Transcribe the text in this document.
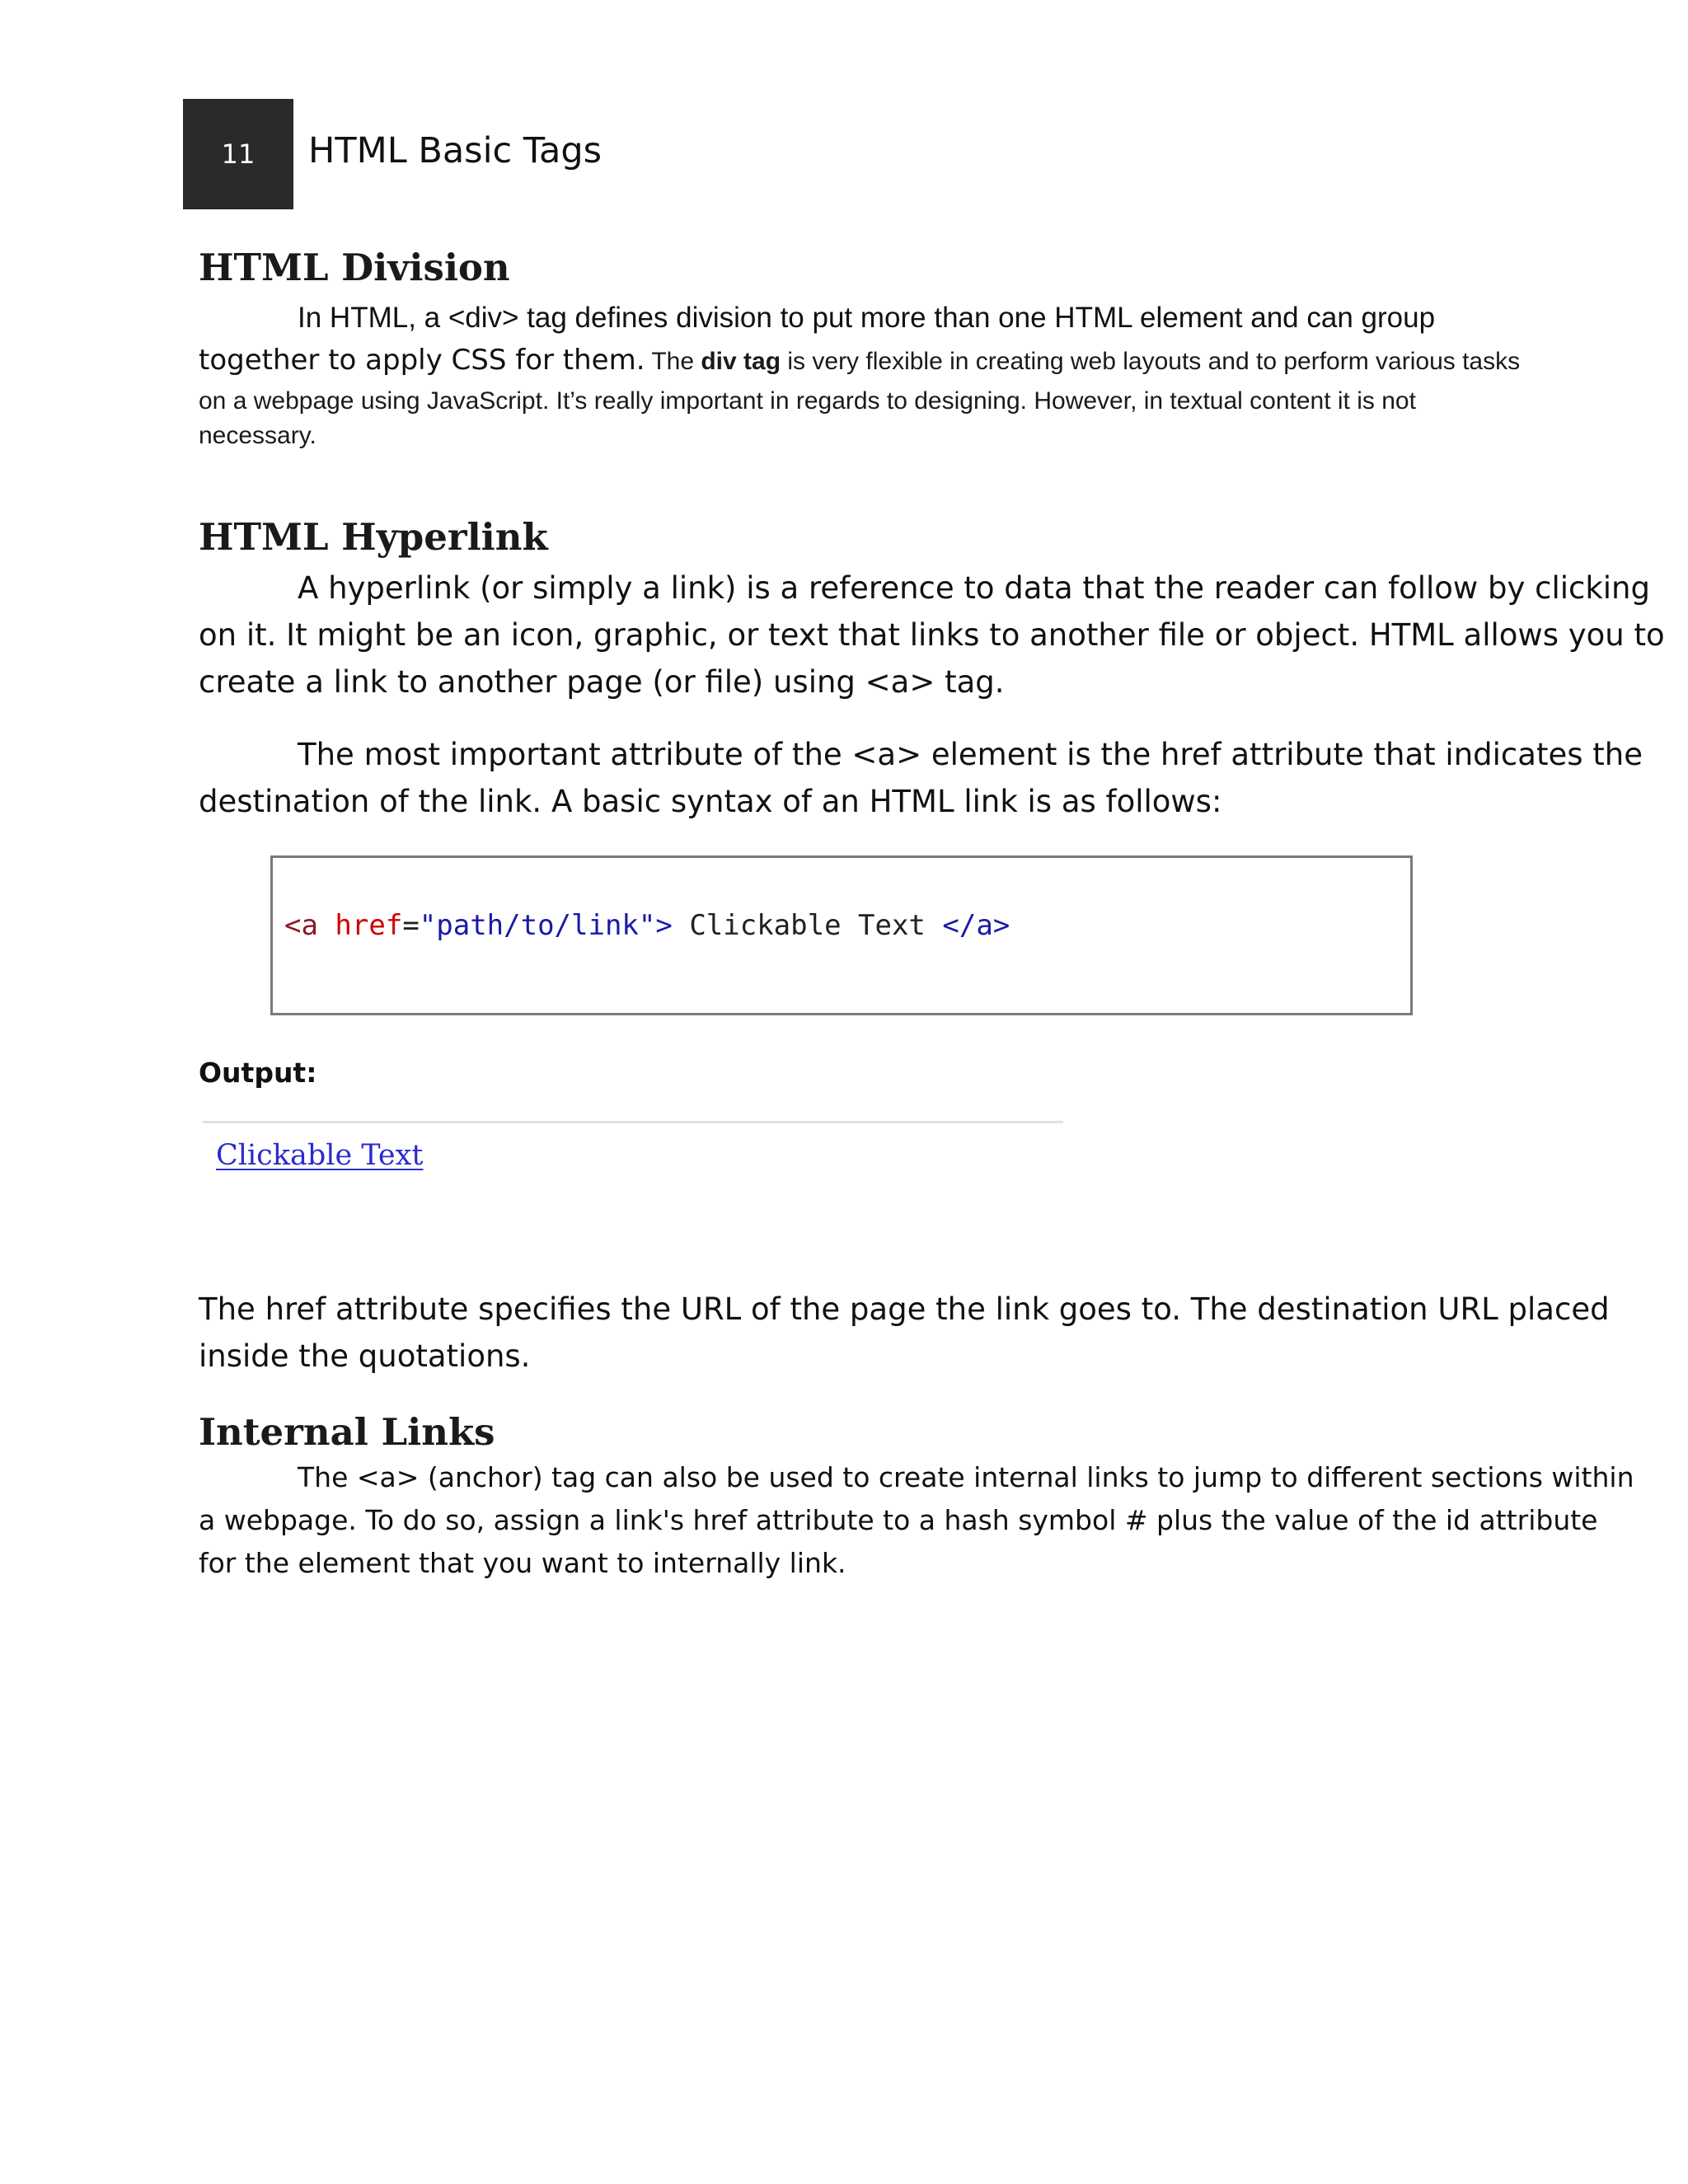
11 HTML Basic Tags
HTML Division
In HTML, a <div> tag defines division to put more than one HTML element and can group
together to apply CSS for them. The div tag is very flexible in creating web layouts and to perform various tasks
on a webpage using JavaScript. It’s really important in regards to designing. However, in textual content it is not
necessary.
HTML Hyperlink
A hyperlink (or simply a link) is a reference to data that the reader can follow by clicking
on it. It might be an icon, graphic, or text that links to another file or object. HTML allows you to
create a link to another page (or file) using <a> tag.
The most important attribute of the <a> element is the href attribute that indicates the
destination of the link. A basic syntax of an HTML link is as follows:
<a href="path/to/link"> Clickable Text </a>
Output:
Clickable Text
The href attribute specifies the URL of the page the link goes to. The destination URL placed
inside the quotations.
Internal Links
The <a> (anchor) tag can also be used to create internal links to jump to different sections within
a webpage. To do so, assign a link's href attribute to a hash symbol # plus the value of the id attribute
for the element that you want to internally link.
